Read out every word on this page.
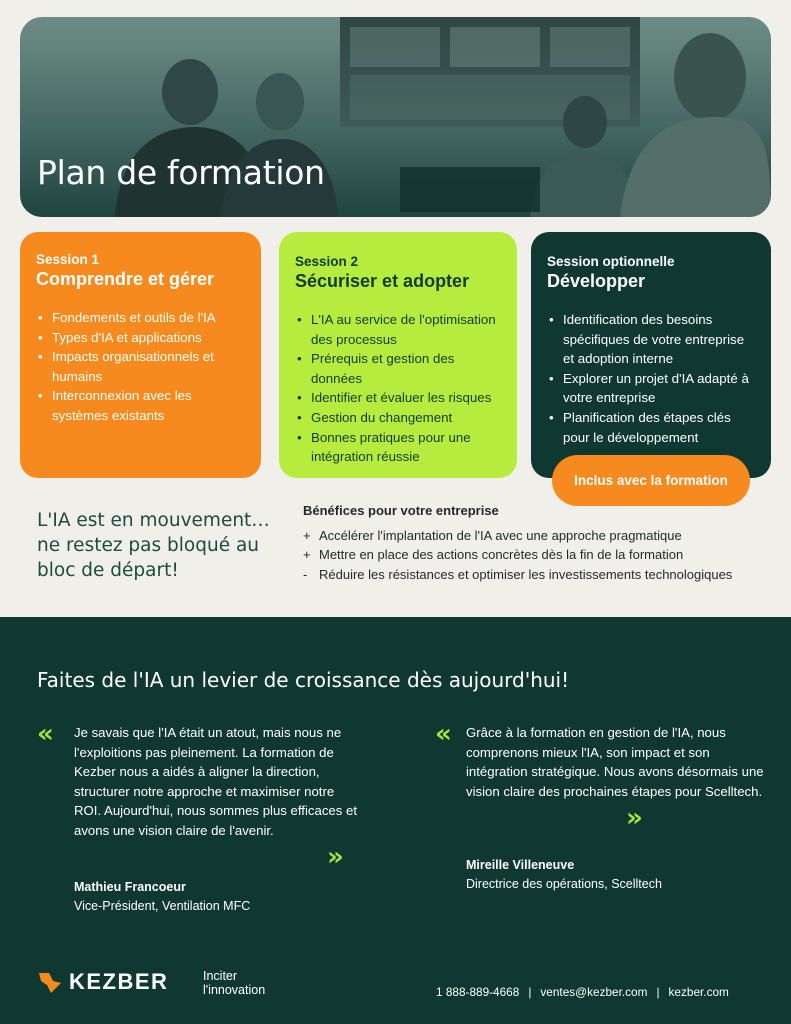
Plan de formation
Session 1
Comprendre et gérer
• Fondements et outils de l'IA
• Types d'IA et applications
• Impacts organisationnels et humains
• Interconnexion avec les systèmes existants
Session 2
Sécuriser et adopter
• L'IA au service de l'optimisation des processus
• Prérequis et gestion des données
• Identifier et évaluer les risques
• Gestion du changement
• Bonnes pratiques pour une intégration réussie
Session optionnelle
Développer
• Identification des besoins spécifiques de votre entreprise et adoption interne
• Explorer un projet d'IA adapté à votre entreprise
• Planification des étapes clés pour le développement
Inclus avec la formation
L'IA est en mouvement… ne restez pas bloqué au bloc de départ!
Bénéfices pour votre entreprise
+ Accélérer l'implantation de l'IA avec une approche pragmatique
+ Mettre en place des actions concrètes dès la fin de la formation
- Réduire les résistances et optimiser les investissements technologiques
Faites de l'IA un levier de croissance dès aujourd'hui!
« Je savais que l'IA était un atout, mais nous ne l'exploitions pas pleinement. La formation de Kezber nous a aidés à aligner la direction, structurer notre approche et maximiser notre ROI. Aujourd'hui, nous sommes plus efficaces et avons une vision claire de l'avenir.
»
Mathieu Francoeur
Vice-Président, Ventilation MFC
« Grâce à la formation en gestion de l'IA, nous comprenons mieux l'IA, son impact et son intégration stratégique. Nous avons désormais une vision claire des prochaines étapes pour Scelltech.
»
Mireille Villeneuve
Directrice des opérations, Scelltech
KEZBER	Inciter
l'innovation	1 888-889-4668 | ventes@kezber.com | kezber.com
